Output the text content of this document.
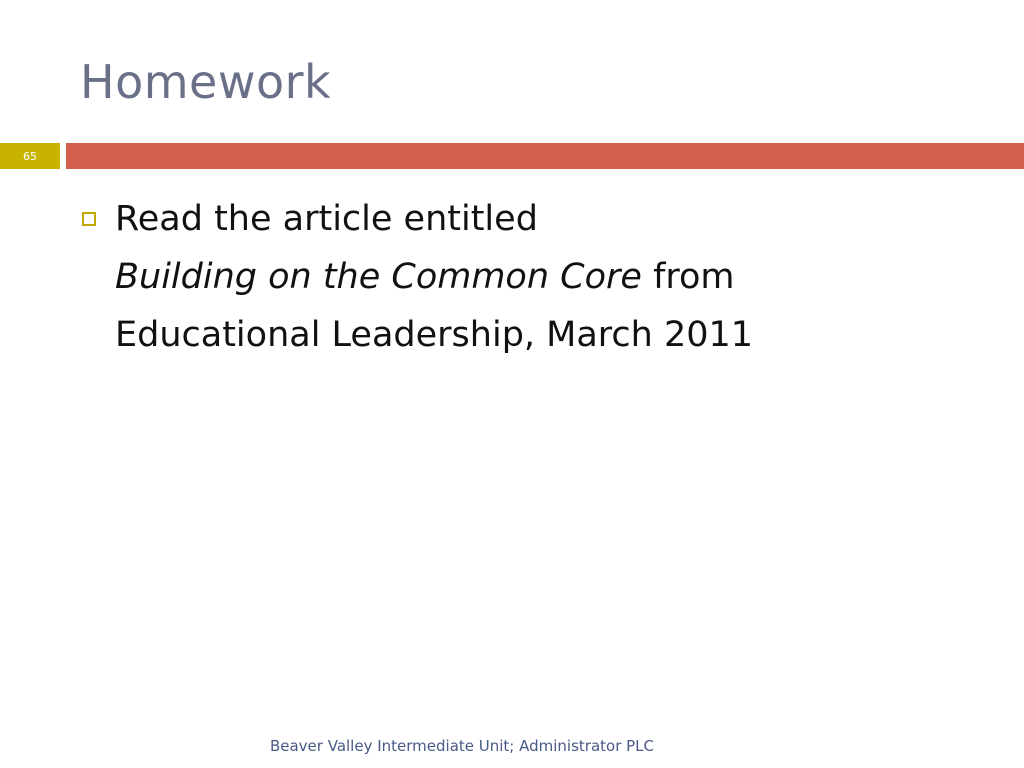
Homework
65
Read the article entitled
Building on the Common Core from
Educational Leadership, March 2011
Beaver Valley Intermediate Unit; Administrator PLC
